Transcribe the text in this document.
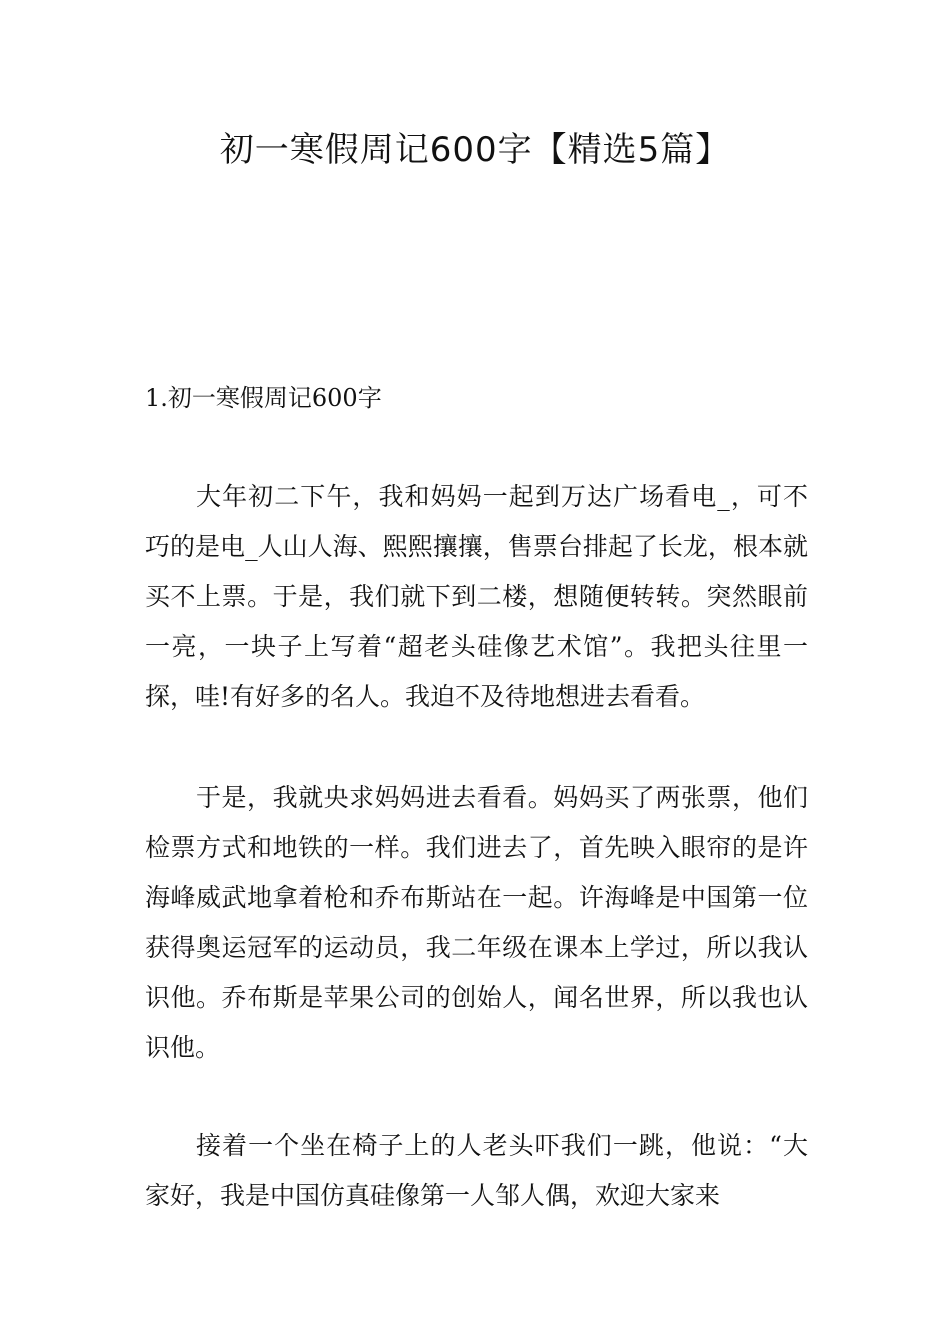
初一寒假周记600字【精选5篇】
1.初一寒假周记600字

大年初二下午，我和妈妈一起到万达广场看电_，可不巧的是电_人山人海、熙熙攘攘，售票台排起了长龙，根本就买不上票。于是，我们就下到二楼，想随便转转。突然眼前一亮，一块子上写着“超老头硅像艺术馆”。我把头往里一探，哇!有好多的名人。我迫不及待地想进去看看。

于是，我就央求妈妈进去看看。妈妈买了两张票，他们检票方式和地铁的一样。我们进去了，首先映入眼帘的是许海峰威武地拿着枪和乔布斯站在一起。许海峰是中国第一位获得奥运冠军的运动员，我二年级在课本上学过，所以我认识他。乔布斯是苹果公司的创始人，闻名世界，所以我也认识他。

接着一个坐在椅子上的人老头吓我们一跳，他说：“大家好，我是中国仿真硅像第一人邹人偶，欢迎大家来
